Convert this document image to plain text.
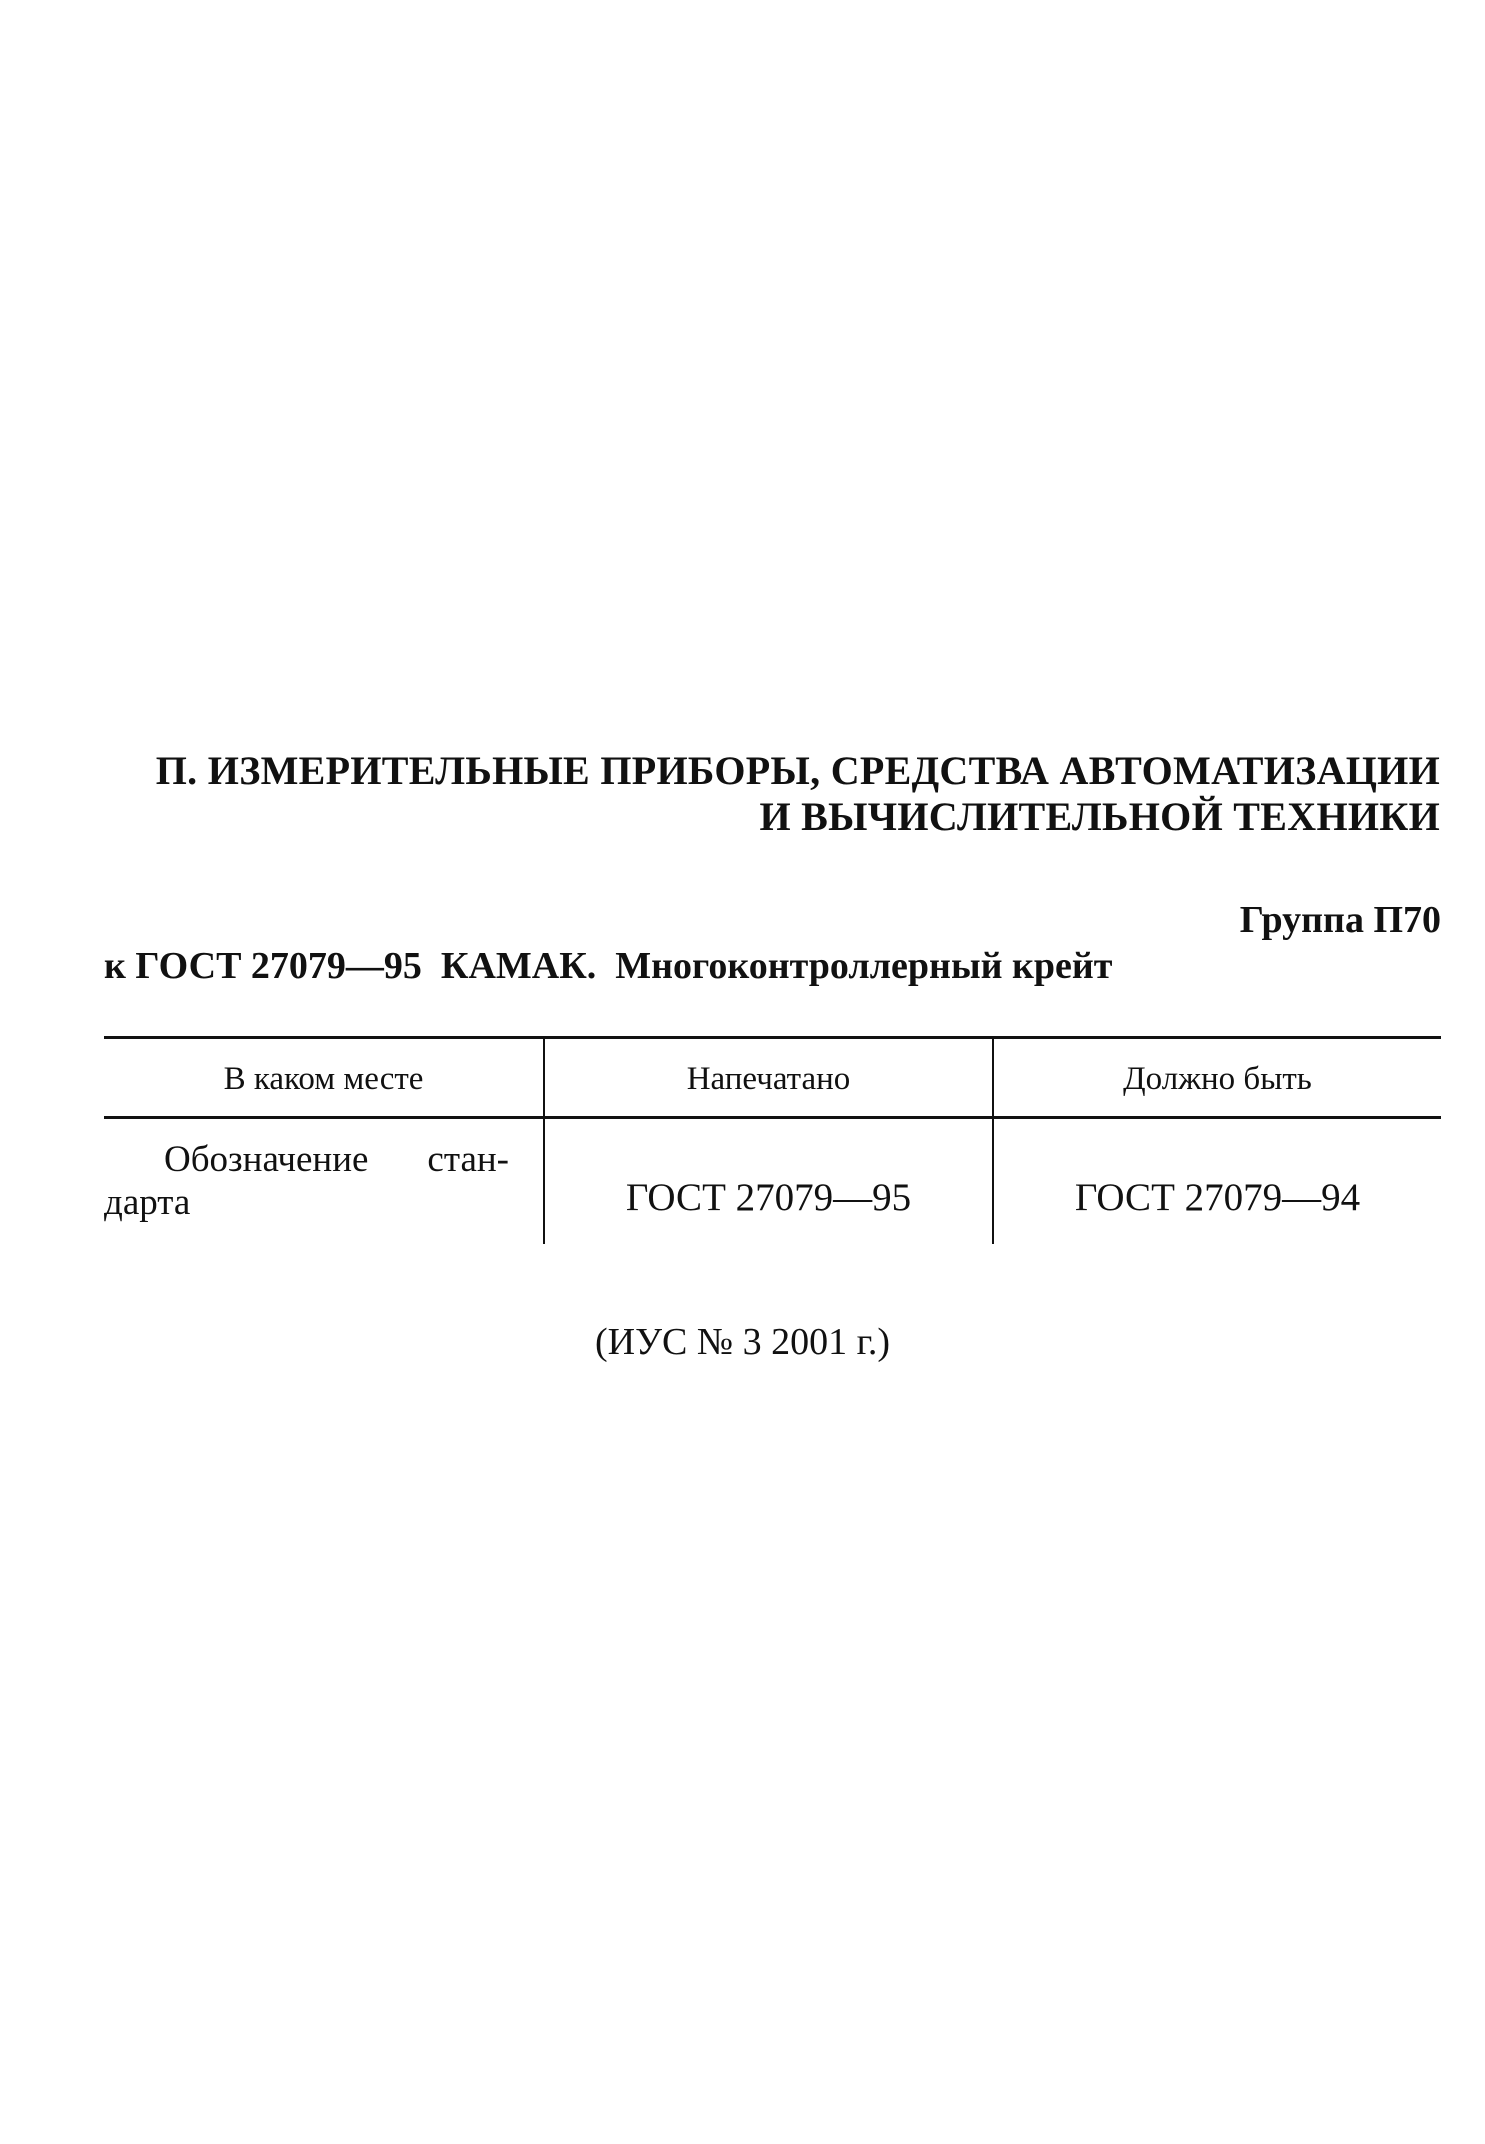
П. ИЗМЕРИТЕЛЬНЫЕ ПРИБОРЫ, СРЕДСТВА АВТОМАТИЗАЦИИ
И ВЫЧИСЛИТЕЛЬНОЙ ТЕХНИКИ
Группа П70
к ГОСТ 27079—95  КАМАК.  Многоконтроллерный крейт
В каком месте	Напечатано	Должно быть
Обозначение стан-
дарта	ГОСТ 27079—95	ГОСТ 27079—94
(ИУС № 3 2001 г.)
